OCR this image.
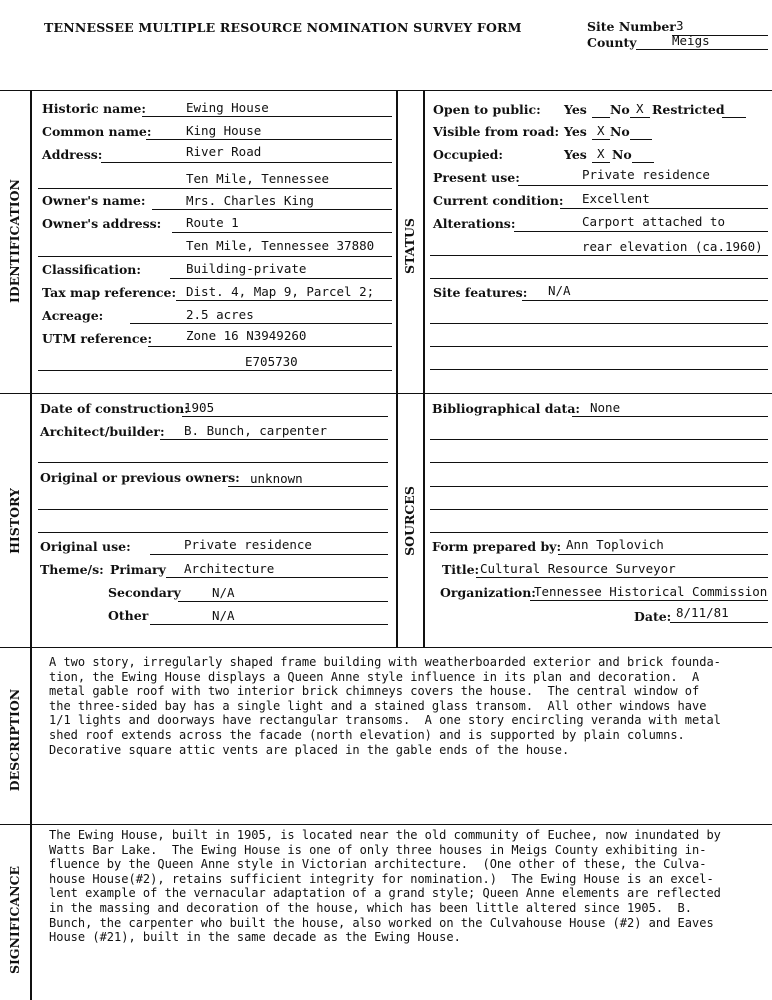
TENNESSEE MULTIPLE RESOURCE NOMINATION SURVEY FORM	Site Number 3
County	Meigs
IDENTIFICATION	STATUS
HISTORY	SOURCES
DESCRIPTION
SIGNIFICANCE
Historic name:	Ewing House
Common name:	King House
Address:	River Road
Ten Mile, Tennessee
Owner's name:	Mrs. Charles King
Owner's address: Route 1
Ten Mile, Tennessee 37880
Classification:	Building-private
Tax map reference: Dist. 4, Map 9, Parcel 2;
Acreage:	2.5 acres
UTM reference:	Zone 16 N3949260
E705730
Open to public: Yes No X Restricted
Visible from road: Yes X No
Occupied:	Yes X No
Present use:	Private residence
Current condition: Excellent
Alterations:	Carport attached to
rear elevation (ca.1960)
Site features: N/A
Date of construction:
1905
Architect/builder: B. Bunch, carpenter
Original or previous owners: unknown
Original use:	Private residence
Theme/s: Primary Architecture
Secondary	N/A
Other	N/A
Bibliographical data: None
Form prepared by: Ann Toplovich
Title: Cultural Resource Surveyor
Organization:
Tennessee Historical Commission
Date: 8/11/81
A two story, irregularly shaped frame building with weatherboarded exterior and brick founda-
tion, the Ewing House displays a Queen Anne style influence in its plan and decoration.  A
metal gable roof with two interior brick chimneys covers the house.  The central window of
the three-sided bay has a single light and a stained glass transom.  All other windows have
1/1 lights and doorways have rectangular transoms.  A one story encircling veranda with metal
shed roof extends across the facade (north elevation) and is supported by plain columns.
Decorative square attic vents are placed in the gable ends of the house.
The Ewing House, built in 1905, is located near the old community of Euchee, now inundated by
Watts Bar Lake.  The Ewing House is one of only three houses in Meigs County exhibiting in-
fluence by the Queen Anne style in Victorian architecture.  (One other of these, the Culva-
house House(#2), retains sufficient integrity for nomination.)  The Ewing House is an excel-
lent example of the vernacular adaptation of a grand style; Queen Anne elements are reflected
in the massing and decoration of the house, which has been little altered since 1905.  B.
Bunch, the carpenter who built the house, also worked on the Culvahouse House (#2) and Eaves
House (#21), built in the same decade as the Ewing House.
